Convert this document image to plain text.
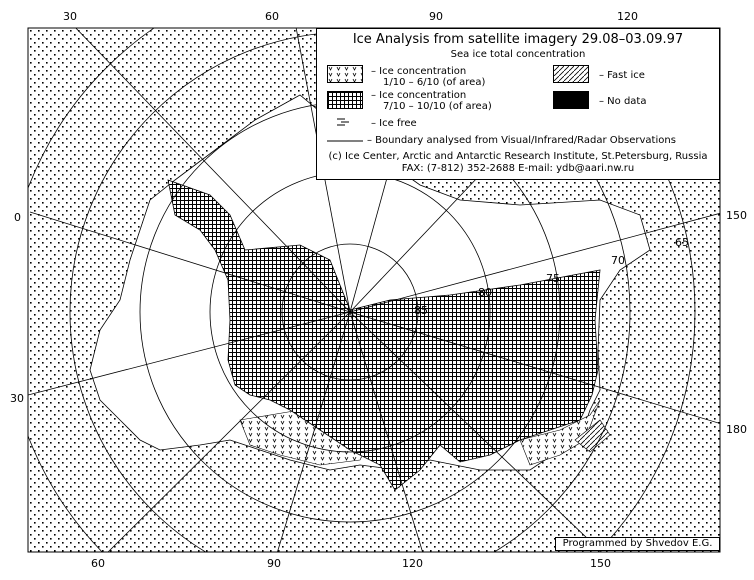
30	60	90	120
60	90	120	150
0
30
150
180
65
70
75
80
85
Ice Analysis from satellite imagery 29.08–03.09.97
Sea ice total concentration
– Ice concentration
1/10 – 6/10 (of area)
– Fast ice
– Ice concentration
7/10 – 10/10 (of area)	– No data
– Ice free
– Boundary analysed from Visual/Infrared/Radar Observations
(c) Ice Center, Arctic and Antarctic Research Institute, St.Petersburg, Russia
FAX: (7-812) 352-2688 E-mail: ydb@aari.nw.ru
Programmed by Shvedov E.G.
